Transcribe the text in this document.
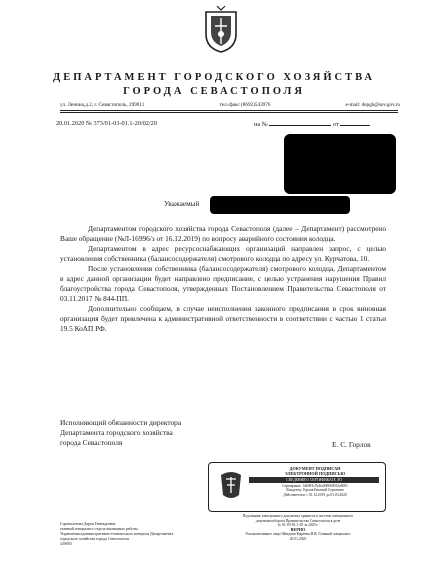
ДЕПАРТАМЕНТ ГОРОДСКОГО ХОЗЯЙСТВА
ГОРОДА СЕВАСТОПОЛЯ
ул. Ленина,д.2, г. Севастополь, 299011	тел./факс (8692)543976	e-mail: depgh@sev.gov.ru
20.01.2020 № 373/01-03-01.1-20/02/20	на №	от
Уважаемый

Департаментом городского хозяйства города Севастополя (далее – Департамент) рассмотрено Ваше обращение (№Л-16996/з от 16.12.2019) по вопросу аварийного состояния колодца.

Департаментом в адрес ресурсоснабжающих организаций направлен запрос, с целью установления собственника (балансосодержателя) смотрового колодца по адресу ул. Курчатова, 10.

После установления собственника (балансосодержателя) смотрового колодца, Департаментом в адрес данной организации будет направлено предписание, с целью устранения нарушения Правил благоустройства города Севастополя, утвержденных Постановлением Правительства Севастополя от 03.11.2017 № 844-ПП.

Дополнительно сообщаем, в случае неисполнения законного предписания в срок виновная организация будет привлечена к административной ответственности в соответствии с частью 1 статьи 19.5 КоАП РФ.

Исполняющий обязанности директора
Департамента городского хозяйства
города Севастополя	Е. С. Горлов
ДОКУМЕНТ ПОДПИСАН
ЭЛЕКТРОННОЙ ПОДПИСЬЮ
СВЕДЕНИЯ О СЕРТИФИКАТЕ ЭП
Сертификат: 1db993c7b4fa000000032e8001
Владелец: Горлов Евгений Сергеевич
Действителен: с 01.12.2019 до 01.03.2020
Подлинник электронного документа хранится в системе электронного
документооборота Правительства Севастополя в деле
№ 01-03-01.1-20 за 2020 г.
ВЕРНО
Уполномоченное лицо Шведова-Киреева И.В. Главный специалист
20.01.2020
Сорокалетова Дарья Геннадьевна
главный специалист отдела жилищных работы
Управления административно-технического контроля Департамента
городского хозяйства города Севастополя
430693
